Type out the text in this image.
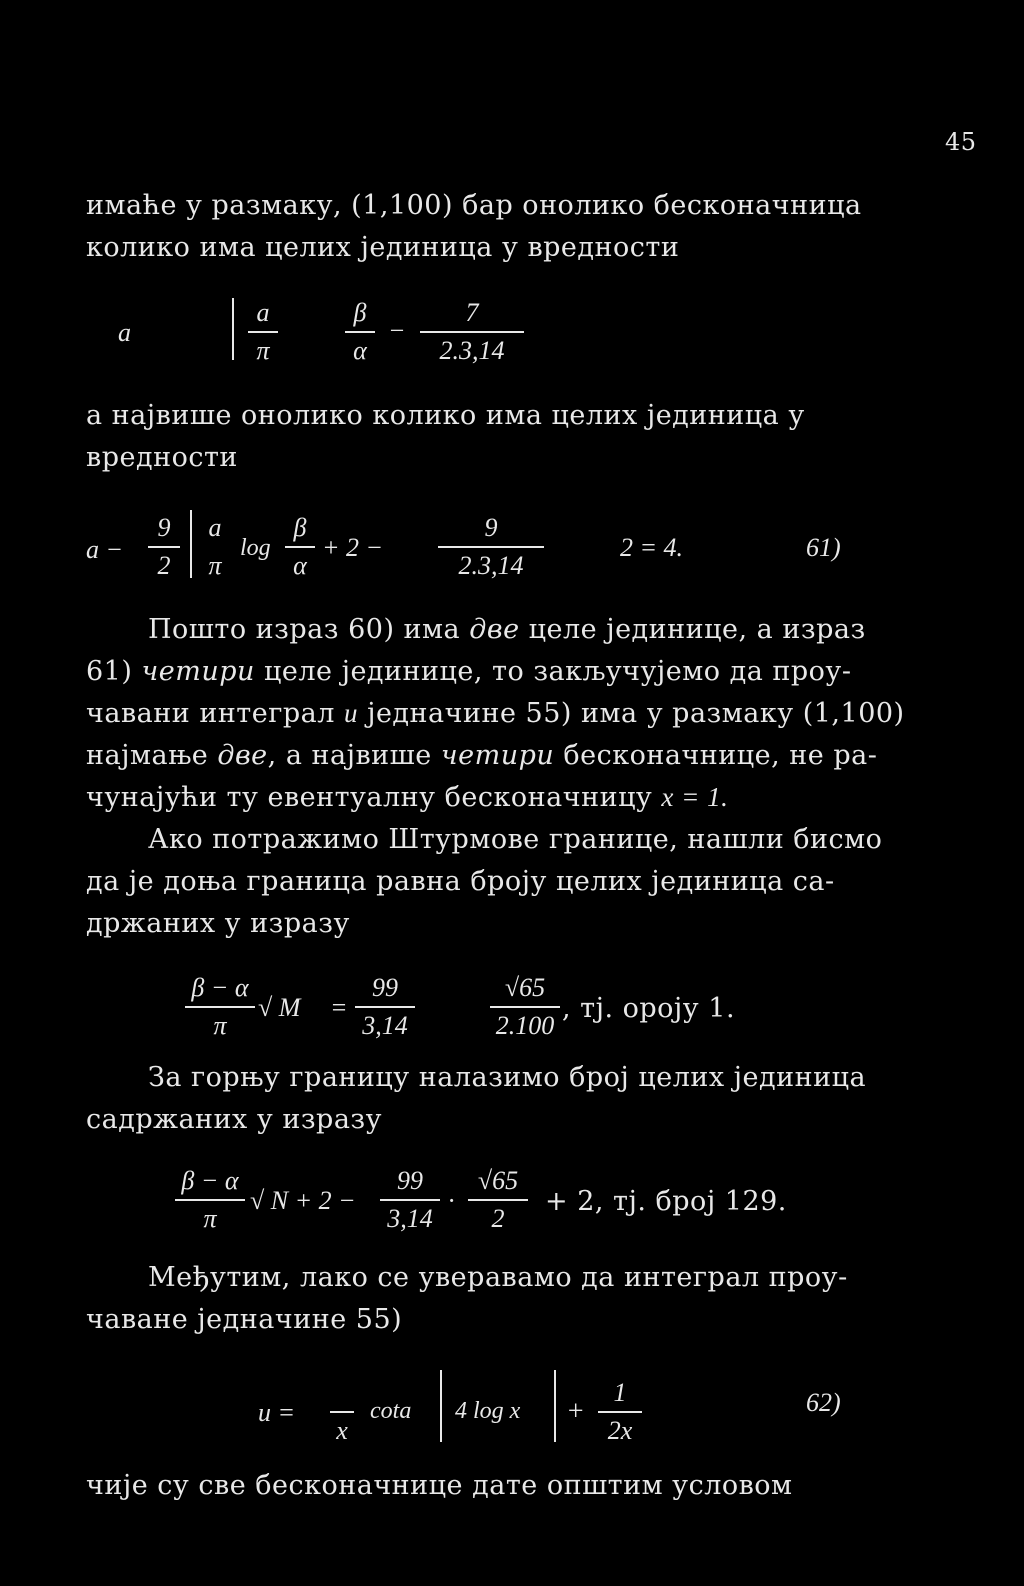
45
имаће у размаку, (1,100) бар онолико бесконачница
колико има целих јединица у вредности
a
a
π
β
α
−
7
2.3,14
а највише онолико колико има целих јединица у
вредности
a −
9
2
a
π
log
β
α
+ 2 −
9
2.3,14
2 = 4.	61)
Пошто израз 60) има две целе јединице, а израз
61) четири целе јединице, то закључујемо да проу-
чавани интеграл u једначине 55) има у размаку (1,100)
најмање две, а највише четири бесконачнице, не ра-
чунајући ту евентуалну бесконачницу x = 1.
Ако потражимо Штурмове границе, нашли бисмо
да је доња граница равна броју целих јединица са-
држаних у изразу
β − α
π
√ M =
99
3,14
√65
2.100
, тј. ороју 1.
За горњу границу налазимо број целих јединица
садржаних у изразу
β − α
π
√ N + 2 −
99
3,14
·
√65
2
+ 2, тј. број 129.
Међутим, лако се уверавамо да интеграл проу-
чаване једначине 55)
u =
x
cota 4 log x +
1
2x
62)
чије су све бесконачнице дате општим условом
